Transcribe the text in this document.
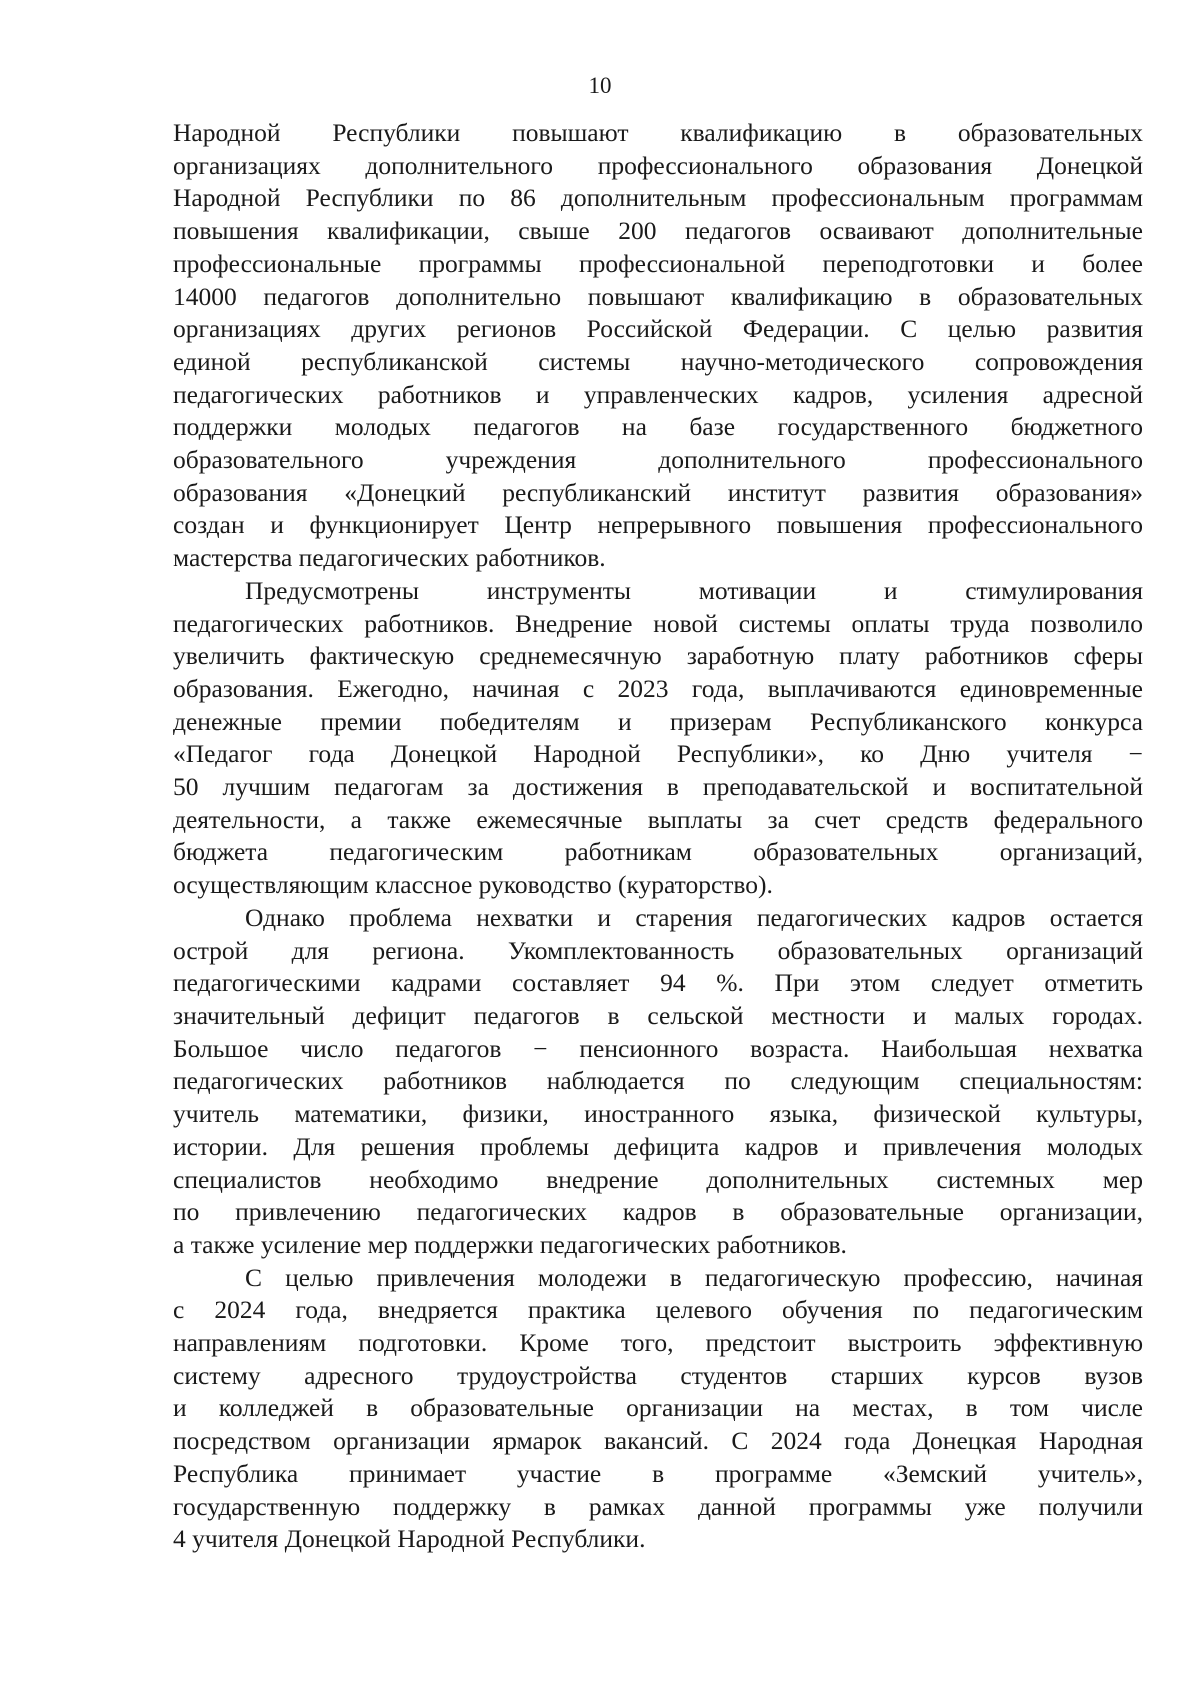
10
Народной Республики повышают квалификацию в образовательных
организациях дополнительного профессионального образования Донецкой
Народной Республики по 86 дополнительным профессиональным программам
повышения квалификации, свыше 200 педагогов осваивают дополнительные
профессиональные программы профессиональной переподготовки и более
14000 педагогов дополнительно повышают квалификацию в образовательных
организациях других регионов Российской Федерации. С целью развития
единой республиканской системы научно-методического сопровождения
педагогических работников и управленческих кадров, усиления адресной
поддержки молодых педагогов на базе государственного бюджетного
образовательного учреждения дополнительного профессионального
образования «Донецкий республиканский институт развития образования»
создан и функционирует Центр непрерывного повышения профессионального
мастерства педагогических работников.
Предусмотрены инструменты мотивации и стимулирования
педагогических работников. Внедрение новой системы оплаты труда позволило
увеличить фактическую среднемесячную заработную плату работников сферы
образования. Ежегодно, начиная с 2023 года, выплачиваются единовременные
денежные премии победителям и призерам Республиканского конкурса
«Педагог года Донецкой Народной Республики», ко Дню учителя −
50 лучшим педагогам за достижения в преподавательской и воспитательной
деятельности, а также ежемесячные выплаты за счет средств федерального
бюджета педагогическим работникам образовательных организаций,
осуществляющим классное руководство (кураторство).
Однако проблема нехватки и старения педагогических кадров остается
острой для региона. Укомплектованность образовательных организаций
педагогическими кадрами составляет 94 %. При этом следует отметить
значительный дефицит педагогов в сельской местности и малых городах.
Большое число педагогов − пенсионного возраста. Наибольшая нехватка
педагогических работников наблюдается по следующим специальностям:
учитель математики, физики, иностранного языка, физической культуры,
истории. Для решения проблемы дефицита кадров и привлечения молодых
специалистов необходимо внедрение дополнительных системных мер
по привлечению педагогических кадров в образовательные организации,
а также усиление мер поддержки педагогических работников.
С целью привлечения молодежи в педагогическую профессию, начиная
с 2024 года, внедряется практика целевого обучения по педагогическим
направлениям подготовки. Кроме того, предстоит выстроить эффективную
систему адресного трудоустройства студентов старших курсов вузов
и колледжей в образовательные организации на местах, в том числе
посредством организации ярмарок вакансий. С 2024 года Донецкая Народная
Республика принимает участие в программе «Земский учитель»,
государственную поддержку в рамках данной программы уже получили
4 учителя Донецкой Народной Республики.
